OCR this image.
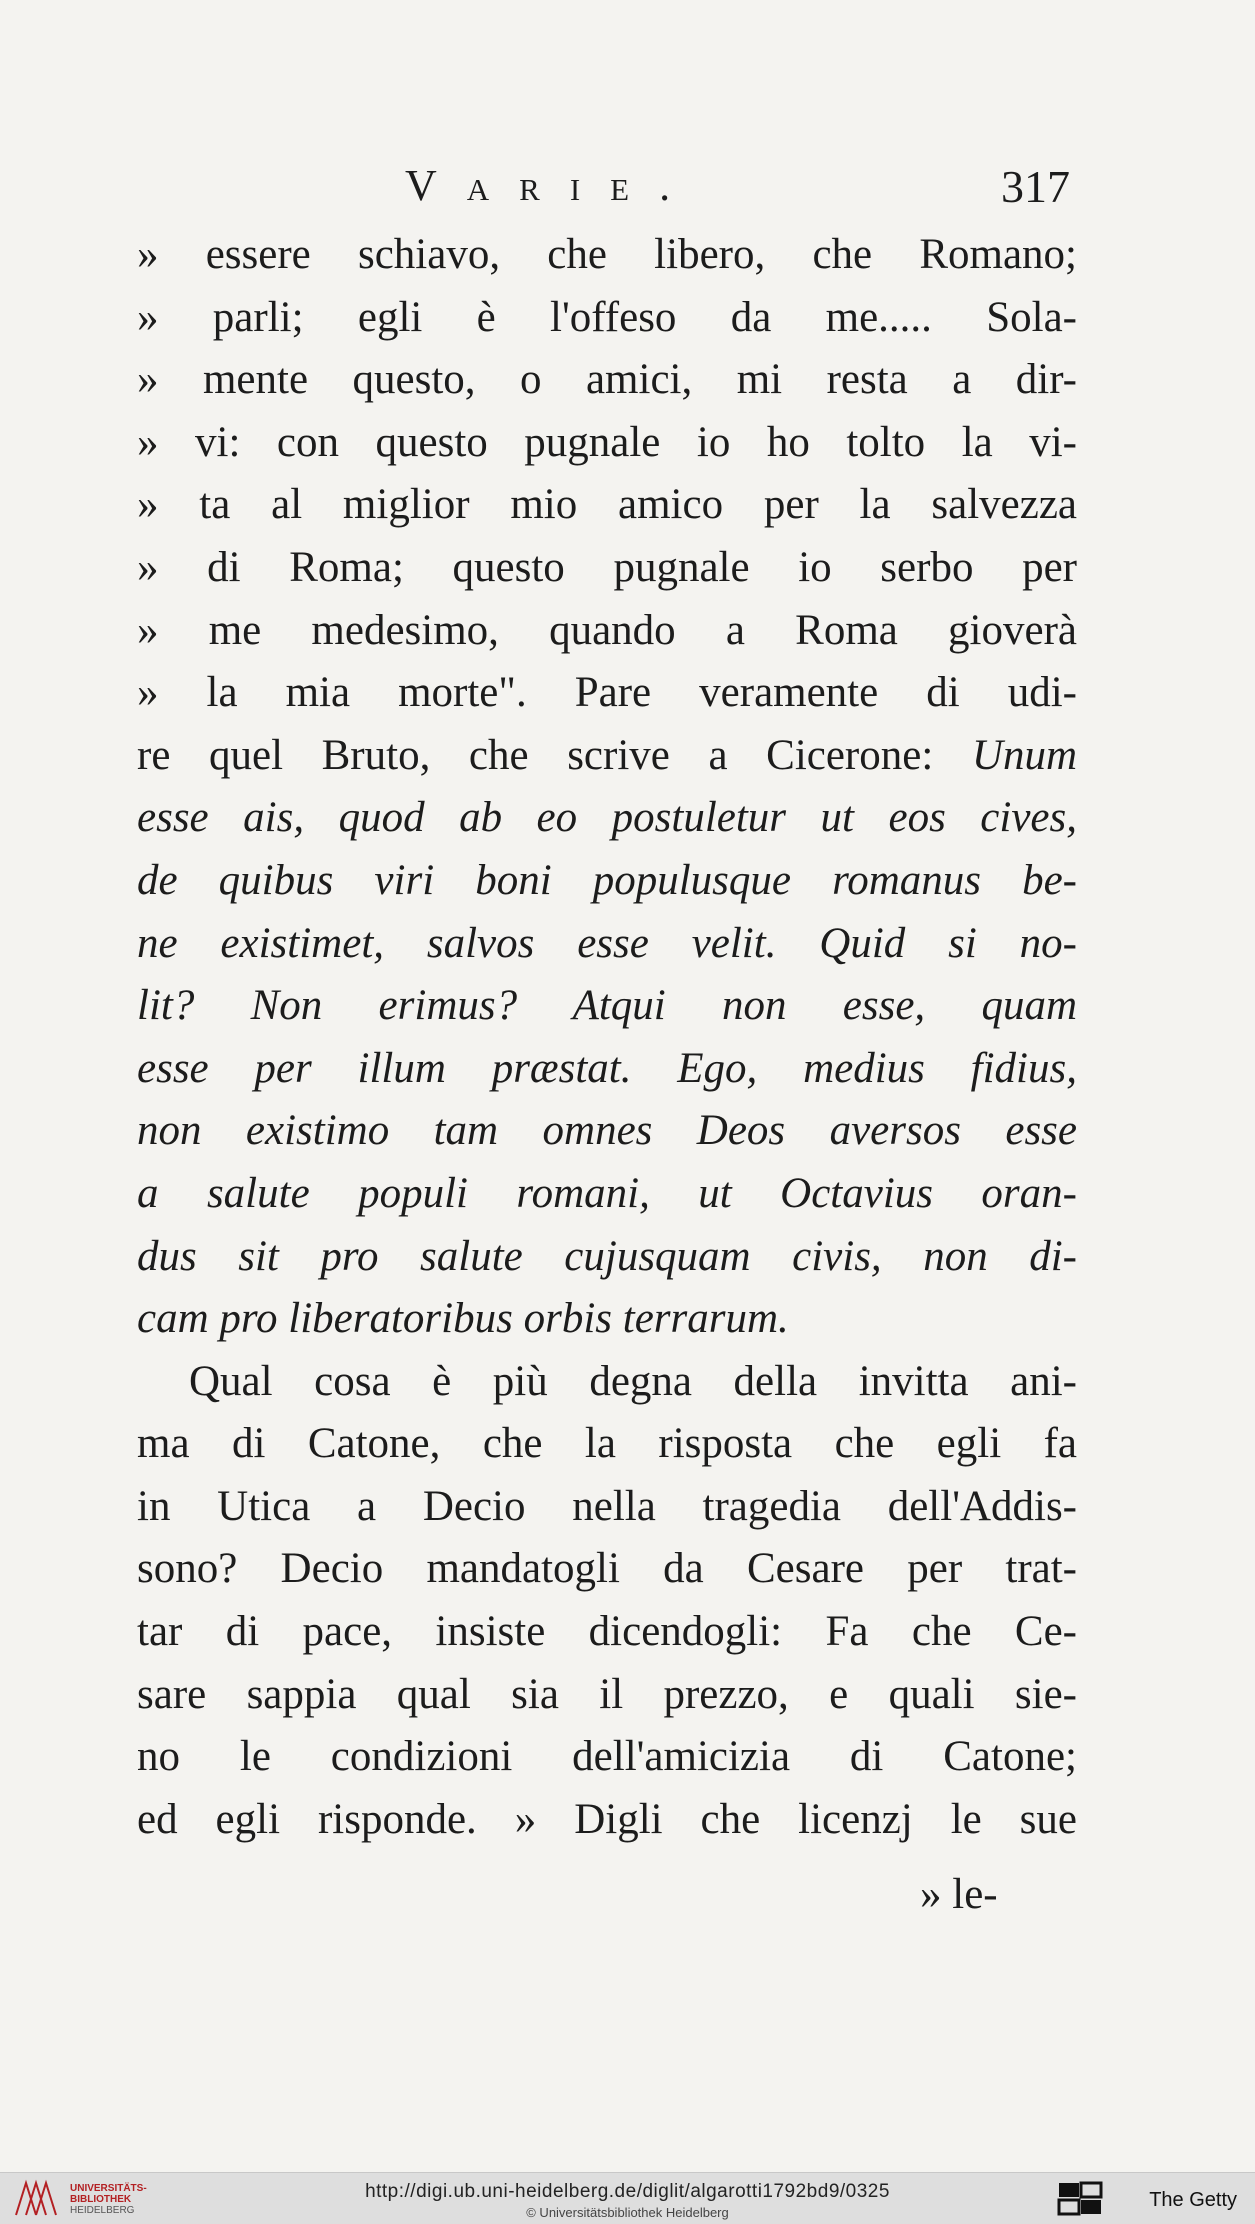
Varie.	317
» essere schiavo, che libero, che Romano;
» parli; egli è l'offeso da me..... Sola-
» mente questo, o amici, mi resta a dir-
» vi: con questo pugnale io ho tolto la vi-
» ta al miglior mio amico per la salvezza
» di Roma; questo pugnale io serbo per
» me medesimo, quando a Roma gioverà
» la mia morte". Pare veramente di udi-
re quel Bruto, che scrive a Cicerone: Unum
esse ais, quod ab eo postuletur ut eos cives,
de quibus viri boni populusque romanus be-
ne existimet, salvos esse velit. Quid si no-
lit? Non erimus? Atqui non esse, quam
esse per illum præstat. Ego, medius fidius,
non existimo tam omnes Deos aversos esse
a salute populi romani, ut Octavius oran-
dus sit pro salute cujusquam civis, non di-
cam pro liberatoribus orbis terrarum.
Qual cosa è più degna della invitta ani-
ma di Catone, che la risposta che egli fa
in Utica a Decio nella tragedia dell'Addis-
sono? Decio mandatogli da Cesare per trat-
tar di pace, insiste dicendogli: Fa che Ce-
sare sappia qual sia il prezzo, e quali sie-
no le condizioni dell'amicizia di Catone;
ed egli risponde. » Digli che licenzj le sue
» le-
UNIVERSITÄTS-
BIBLIOTHEK
HEIDELBERG
http://digi.ub.uni-heidelberg.de/diglit/algarotti1792bd9/0325
© Universitätsbibliothek Heidelberg
The Getty
